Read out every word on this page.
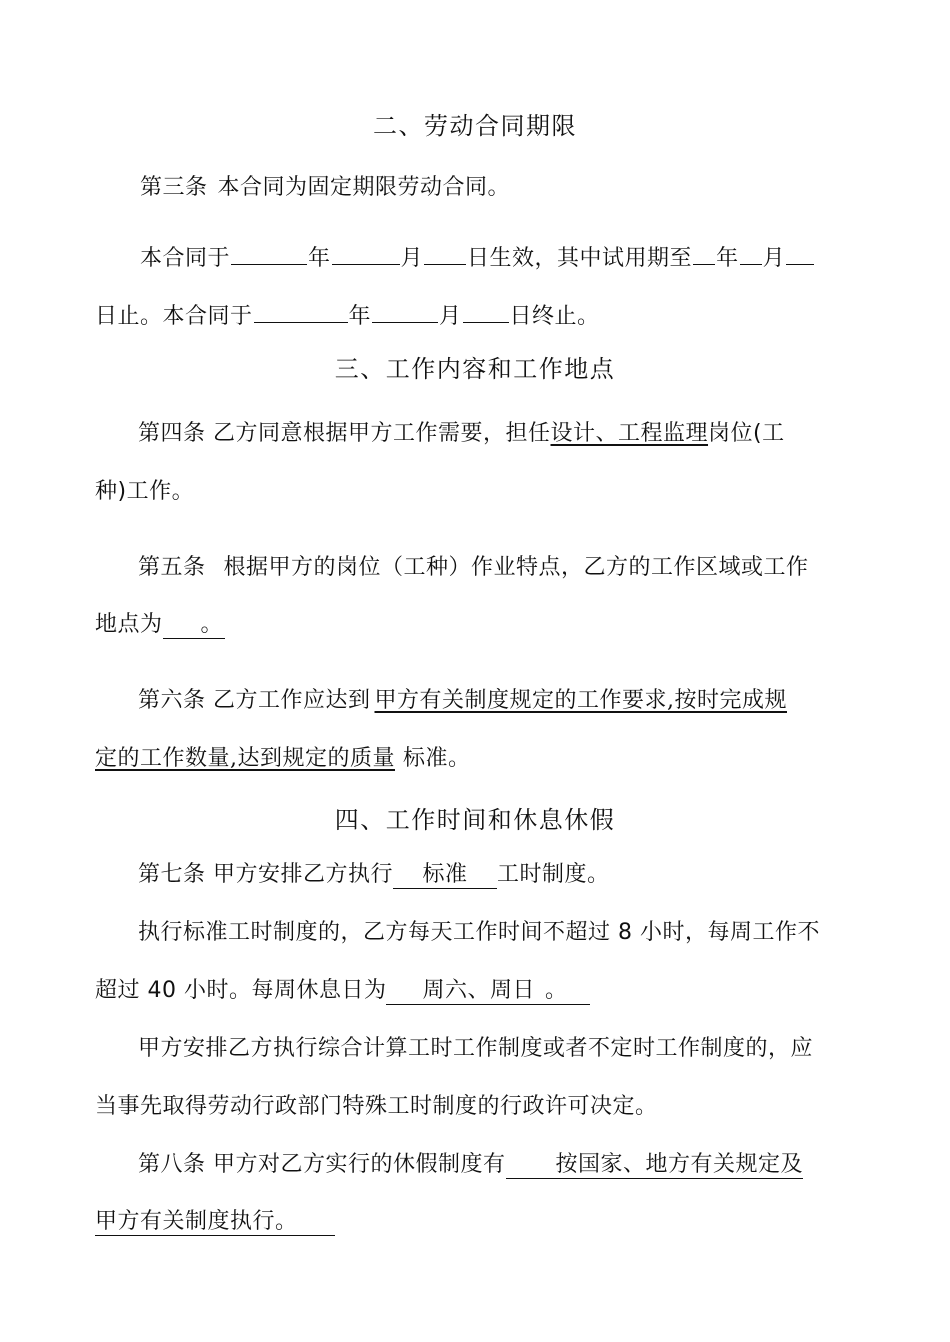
二、劳动合同期限
第三条 本合同为固定期限劳动合同。
本合同于	年	月 日生效，其中试用期至 年 月
日止。本合同于	年	月 日终止。
三、工作内容和工作地点
第四条 乙方同意根据甲方工作需要，担任设计、工程监理岗位(工
种)工作。
第五条 根据甲方的岗位（工种）作业特点，乙方的工作区域或工作
地点为 。
第六条 乙方工作应达到 甲方有关制度规定的工作要求,按时完成规
定的工作数量,达到规定的质量 标准。
四、工作时间和休息休假
第七条 甲方安排乙方执行 标准 工时制度。
执行标准工时制度的，乙方每天工作时间不超过 8 小时，每周工作不
超过 40 小时。每周休息日为 周六、周日 。
甲方安排乙方执行综合计算工时工作制度或者不定时工作制度的，应
当事先取得劳动行政部门特殊工时制度的行政许可决定。
第八条 甲方对乙方实行的休假制度有 按国家、地方有关规定及
甲方有关制度执行。
